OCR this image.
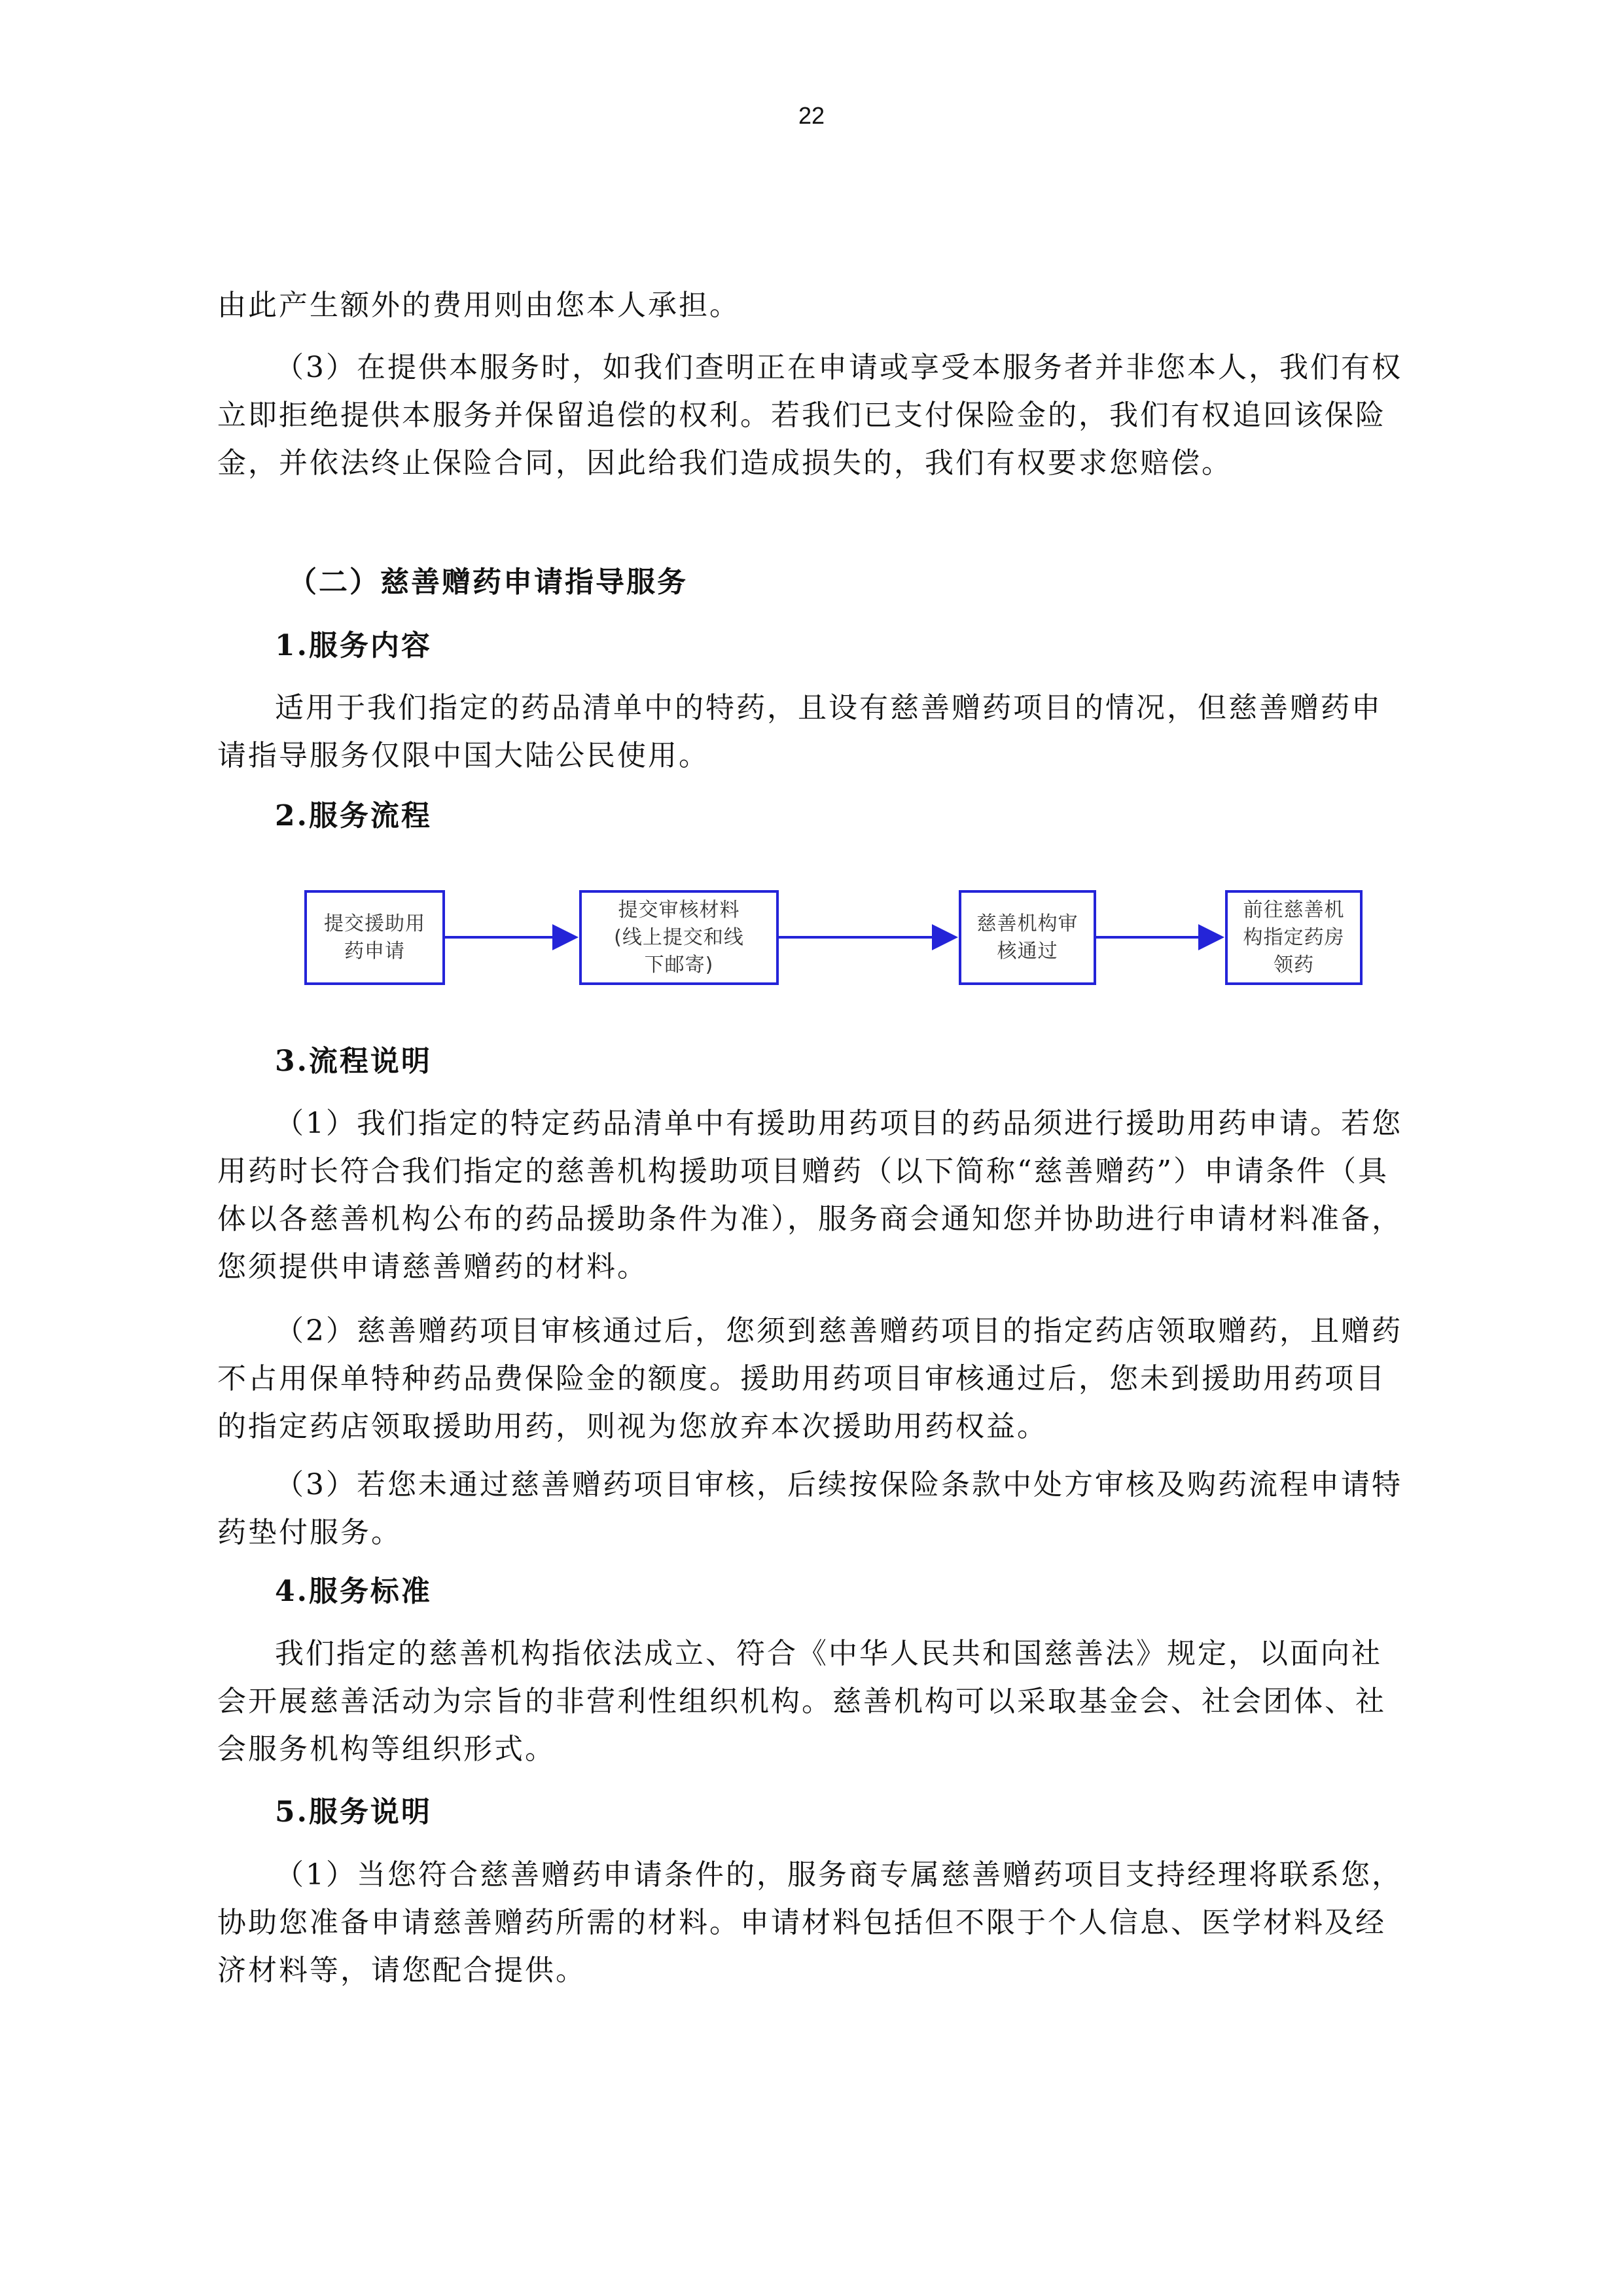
22

由此产生额外的费用则由您本人承担。

（3）在提供本服务时，如我们查明正在申请或享受本服务者并非您本人，我们有权立即拒绝提供本服务并保留追偿的权利。若我们已支付保险金的，我们有权追回该保险金，并依法终止保险合同，因此给我们造成损失的，我们有权要求您赔偿。

（二）慈善赠药申请指导服务

1.服务内容

适用于我们指定的药品清单中的特药，且设有慈善赠药项目的情况，但慈善赠药申请指导服务仅限中国大陆公民使用。

2.服务流程

提交援助用
药申请
提交审核材料
(线上提交和线
下邮寄)
慈善机构审
核通过
前往慈善机
构指定药房
领药

3.流程说明

（1）我们指定的特定药品清单中有援助用药项目的药品须进行援助用药申请。若您用药时长符合我们指定的慈善机构援助项目赠药（以下简称“慈善赠药”）申请条件（具体以各慈善机构公布的药品援助条件为准），服务商会通知您并协助进行申请材料准备，您须提供申请慈善赠药的材料。

（2）慈善赠药项目审核通过后，您须到慈善赠药项目的指定药店领取赠药，且赠药不占用保单特种药品费保险金的额度。援助用药项目审核通过后，您未到援助用药项目的指定药店领取援助用药，则视为您放弃本次援助用药权益。

（3）若您未通过慈善赠药项目审核，后续按保险条款中处方审核及购药流程申请特药垫付服务。

4.服务标准

我们指定的慈善机构指依法成立、符合《中华人民共和国慈善法》规定，以面向社会开展慈善活动为宗旨的非营利性组织机构。慈善机构可以采取基金会、社会团体、社会服务机构等组织形式。

5.服务说明

（1）当您符合慈善赠药申请条件的，服务商专属慈善赠药项目支持经理将联系您，协助您准备申请慈善赠药所需的材料。申请材料包括但不限于个人信息、医学材料及经济材料等，请您配合提供。
